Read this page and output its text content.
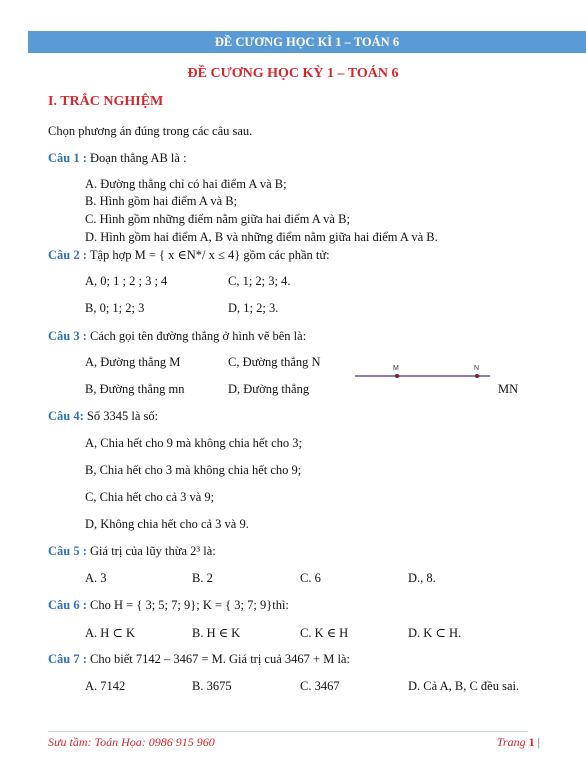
ĐỀ CƯƠNG HỌC KÌ 1 – TOÁN 6
ĐỀ CƯƠNG HỌC KỲ 1 – TOÁN 6
I. TRẮC NGHIỆM
Chọn phương án đúng trong các câu sau.
Câu 1 : Đoạn thẳng AB là :
A. Đường thẳng chỉ có hai điểm A và B;
B. Hình gồm hai điểm A và B;
C. Hình gồm những điểm nằm giữa hai điểm A và B;
D. Hình gồm hai điểm A, B và những điểm nằm giữa hai điểm A và B.
Câu 2 : Tập hợp M = { x ∈N*/ x ≤ 4} gồm các phần tử:
A, 0; 1 ; 2 ; 3 ; 4	C, 1; 2; 3; 4.
B, 0; 1; 2; 3	D, 1; 2; 3.
Câu 3 : Cách gọi tên đường thẳng ở hình vẽ bên là:
A, Đường thẳng M	C, Đường thẳng N
B, Đường thẳng mn	D, Đường thẳng	MN
M	N
Câu 4: Số 3345 là số:
A, Chia hết cho 9 mà không chia hết cho 3;
B, Chia hết cho 3 mà không chia hết cho 9;
C, Chia hết cho cả 3 và 9;
D, Không chia hết cho cả 3 và 9.
Câu 5 : Giá trị của lũy thừa 2³ là:
A. 3	B. 2	C. 6	D., 8.
Câu 6 : Cho H = { 3; 5; 7; 9}; K = { 3; 7; 9}thì:
A. H ⊂ K	B. H ∈ K	C. K ∈ H	D. K ⊂ H.
Câu 7 : Cho biết 7142 – 3467 = M. Giá trị cuả 3467 + M là:
A. 7142	B. 3675	C. 3467	D. Cả A, B, C đều sai.
Sưu tầm: Toán Họa: 0986 915 960	Trang 1 |
